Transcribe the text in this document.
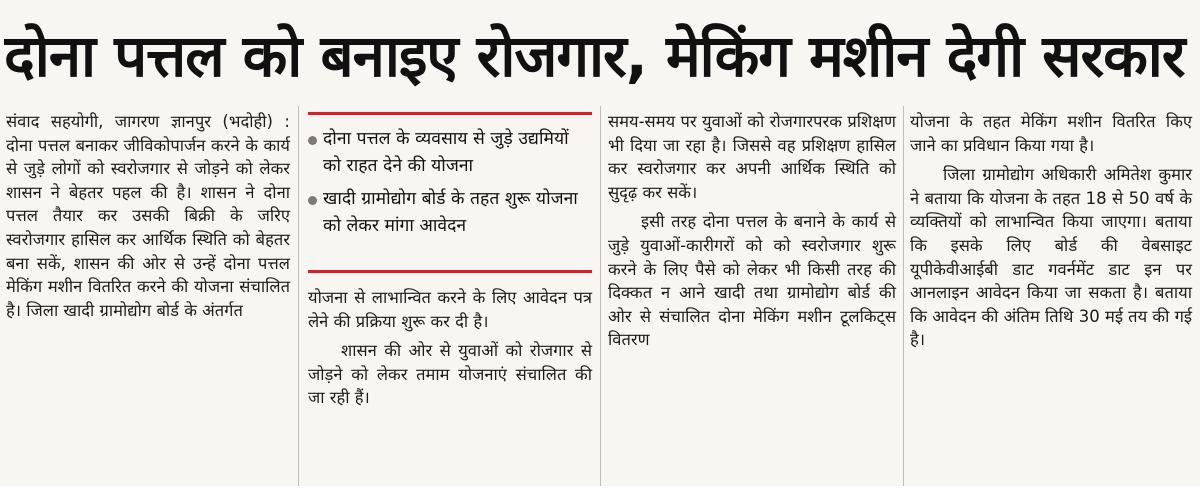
दोना पत्तल को बनाइए रोजगार, मेकिंग मशीन देगी सरकार

संवाद सहयोगी, जागरण ज्ञानपुर (भदोही) : दोना पत्तल बनाकर जीविकोपार्जन करने के कार्य से जुड़े लोगों को स्वरोजगार से जोड़ने को लेकर शासन ने बेहतर पहल की है। शासन ने दोना पत्तल तैयार कर उसकी बिक्री के जरिए स्वरोजगार हासिल कर आर्थिक स्थिति को बेहतर बना सकें, शासन की ओर से उन्हें दोना पत्तल मेकिंग मशीन वितरित करने की योजना संचालित है। जिला खादी ग्रामोद्योग बोर्ड के अंतर्गत

दोना पत्तल के व्यवसाय से जुड़े उद्यमियों को राहत देने की योजना
खादी ग्रामोद्योग बोर्ड के तहत शुरू योजना को लेकर मांगा आवेदन

योजना से लाभान्वित करने के लिए आवेदन पत्र लेने की प्रक्रिया शुरू कर दी है।

शासन की ओर से युवाओं को रोजगार से जोड़ने को लेकर तमाम योजनाएं संचालित की जा रही हैं।

समय-समय पर युवाओं को रोजगारपरक प्रशिक्षण भी दिया जा रहा है। जिससे वह प्रशिक्षण हासिल कर स्वरोजगार कर अपनी आर्थिक स्थिति को सुदृढ़ कर सकें।

इसी तरह दोना पत्तल के बनाने के कार्य से जुड़े युवाओं-कारीगरों को को स्वरोजगार शुरू करने के लिए पैसे को लेकर भी किसी तरह की दिक्कत न आने खादी तथा ग्रामोद्योग बोर्ड की ओर से संचालित दोना मेकिंग मशीन टूलकिट्स वितरण

योजना के तहत मेकिंग मशीन वितरित किए जाने का प्रविधान किया गया है।

जिला ग्रामोद्योग अधिकारी अमितेश कुमार ने बताया कि योजना के तहत 18 से 50 वर्ष के व्यक्तियों को लाभान्वित किया जाएगा। बताया कि इसके लिए बोर्ड की वेबसाइट यूपीकेवीआईबी डाट गवर्नमेंट डाट इन पर आनलाइन आवेदन किया जा सकता है। बताया कि आवेदन की अंतिम तिथि 30 मई तय की गई है।
